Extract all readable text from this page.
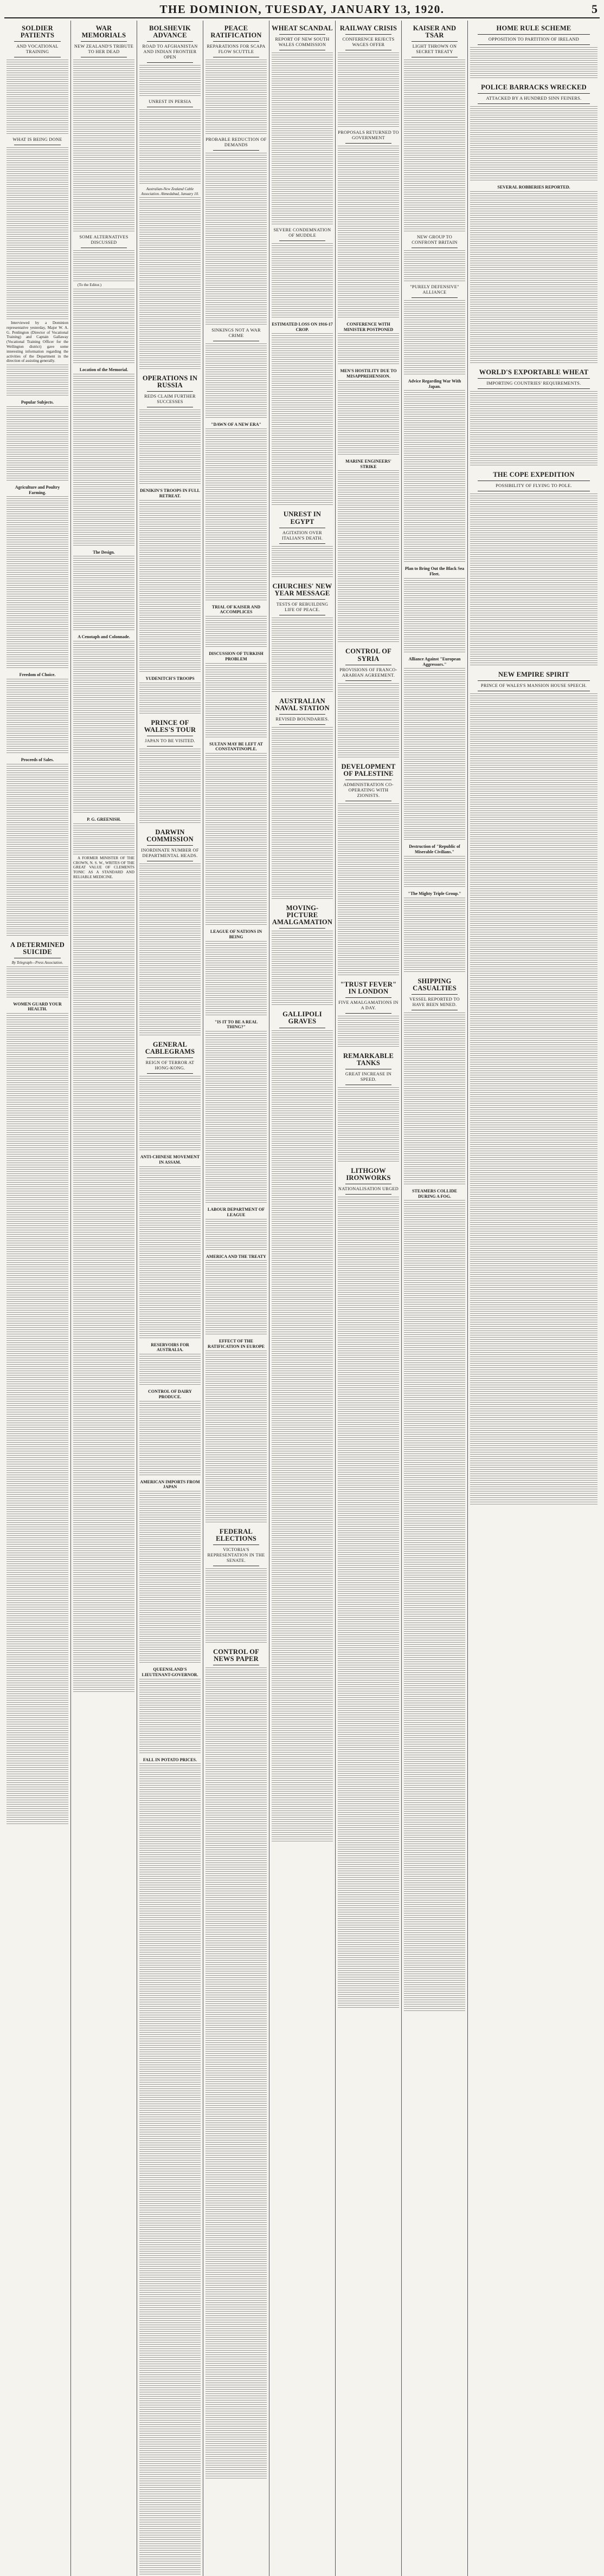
THE DOMINION, TUESDAY, JANUARY 13, 1920.	5
SOLDIER PATIENTS
AND VOCATIONAL TRAINING
WHAT IS BEING DONE

Interviewed by a Dominion representative yesterday, Major W. A. G. Penlington (Director of Vocational Training) and Captain Gallaway (Vocational Training Officer for the Wellington district) gave some interesting information regarding the activities of the Department in the direction of assisting generally.

Popular Subjects.
Agriculture and Poultry Farming.
Freedom of Choice.
Proceeds of Sales.
A DETERMINED SUICIDE
By Telegraph—Press Association.
WOMEN GUARD YOUR HEALTH.
WAR MEMORIALS
NEW ZEALAND'S TRIBUTE TO HER DEAD
SOME ALTERNATIVES DISCUSSED

(To the Editor.)

Location of the Memorial.
The Design.
A Cenotaph and Colonnade.
P. G. GREENISH.

A FORMER MINISTER OF THE CROWN, N. S. W., WRITES OF THE GREAT VALUE OF CLEMENTS TONIC AS A STANDARD AND RELIABLE MEDICINE.

BOLSHEVIK ADVANCE
ROAD TO AFGHANISTAN AND INDIAN FRONTIER OPEN
UNREST IN PERSIA
Australian-New Zealand Cable Association. Ahmedabad, January 10.
OPERATIONS IN RUSSIA
REDS CLAIM FURTHER SUCCESSES
DENIKIN'S TROOPS IN FULL RETREAT.
YUDENITCH'S TROOPS
PRINCE OF WALES'S TOUR
JAPAN TO BE VISITED.
DARWIN COMMISSION
INORDINATE NUMBER OF DEPARTMENTAL HEADS.
GENERAL CABLEGRAMS
REIGN OF TERROR AT HONG-KONG.
ANTI-CHINESE MOVEMENT IN ASSAM.
RESERVOIRS FOR AUSTRALIA.
CONTROL OF DAIRY PRODUCE.
AMERICAN IMPORTS FROM JAPAN
QUEENSLAND'S LIEUTENANT-GOVERNOR.
FALL IN POTATO PRICES.
PEACE RATIFICATION
REPARATIONS FOR SCAPA FLOW SCUTTLE
PROBABLE REDUCTION OF DEMANDS
SINKINGS NOT A WAR CRIME
"DAWN OF A NEW ERA"
TRIAL OF KAISER AND ACCOMPLICES
DISCUSSION OF TURKISH PROBLEM
SULTAN MAY BE LEFT AT CONSTANTINOPLE.
LEAGUE OF NATIONS IN BEING
"IS IT TO BE A REAL THING?"
LABOUR DEPARTMENT OF LEAGUE
AMERICA AND THE TREATY
EFFECT OF THE RATIFICATION IN EUROPE
FEDERAL ELECTIONS
VICTORIA'S REPRESENTATION IN THE SENATE.
CONTROL OF NEWS PAPER
WHEAT SCANDAL
REPORT OF NEW SOUTH WALES COMMISSION
SEVERE CONDEMNATION OF MUDDLE
ESTIMATED LOSS ON 1916-17 CROP.
UNREST IN EGYPT
AGITATION OVER ITALIAN'S DEATH.
CHURCHES' NEW YEAR MESSAGE
TESTS OF REBUILDING LIFE OF PEACE.
AUSTRALIAN NAVAL STATION
REVISED BOUNDARIES.
MOVING-PICTURE AMALGAMATION
GALLIPOLI GRAVES
RAILWAY CRISIS
CONFERENCE REJECTS WAGES OFFER
PROPOSALS RETURNED TO GOVERNMENT
CONFERENCE WITH MINISTER POSTPONED
MEN'S HOSTILITY DUE TO MISAPPREHENSION.
MARINE ENGINEERS' STRIKE
CONTROL OF SYRIA
PROVISIONS OF FRANCO-ARABIAN AGREEMENT.
DEVELOPMENT OF PALESTINE
ADMINISTRATION CO-OPERATING WITH ZIONISTS.
"TRUST FEVER" IN LONDON
FIVE AMALGAMATIONS IN A DAY.
REMARKABLE TANKS
GREAT INCREASE IN SPEED.
LITHGOW IRONWORKS
NATIONALISATION URGED
KAISER AND TSAR
LIGHT THROWN ON SECRET TREATY
NEW GROUP TO CONFRONT BRITAIN
"PURELY DEFENSIVE" ALLIANCE
Advice Regarding War With Japan.
Plan to Bring Out the Black Sea Fleet.
Alliance Against "European Aggressors."
Destruction of "Republic of Miserable Civilians."
"The Mighty Triple Group."
SHIPPING CASUALTIES
VESSEL REPORTED TO HAVE BEEN MINED.
STEAMERS COLLIDE DURING A FOG.
HOME RULE SCHEME
OPPOSITION TO PARTITION OF IRELAND
POLICE BARRACKS WRECKED
ATTACKED BY A HUNDRED SINN FEINERS.
SEVERAL ROBBERIES REPORTED.
WORLD'S EXPORTABLE WHEAT
IMPORTING COUNTRIES' REQUIREMENTS.
THE COPE EXPEDITION
POSSIBILITY OF FLYING TO POLE.
NEW EMPIRE SPIRIT
PRINCE OF WALES'S MANSION HOUSE SPEECH.
